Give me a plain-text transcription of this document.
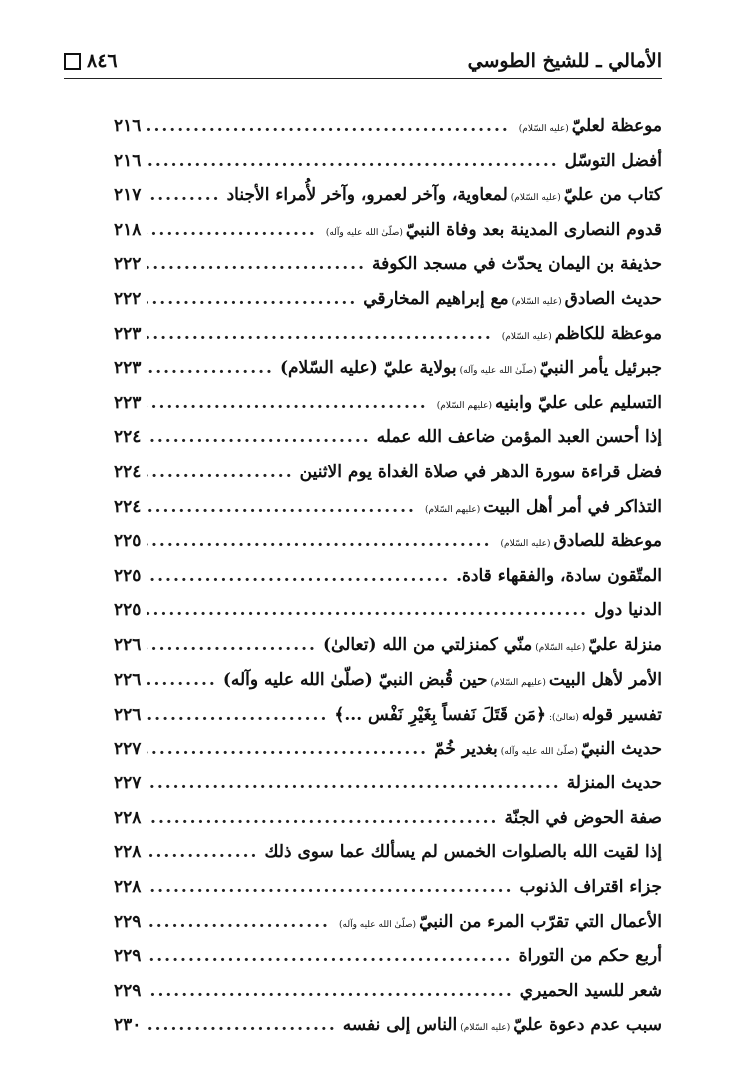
الأمالي ـ للشيخ الطوسي
٨٤٦
موعظة لعليّ(عليه السّلام)
.....
٢١٦
أفضل التوسّل
.....
٢١٦
كتاب من عليّ(عليه السّلام)لمعاوية، وآخر لعمرو، وآخر لأُمراء الأجناد
.....
٢١٧
قدوم النصارى المدينة بعد وفاة النبيّ(صلّىٰ الله عليه وآله)
.....
٢١٨
حذيفة بن اليمان يحدّث في مسجد الكوفة
.....
٢٢٢
حديث الصادق(عليه السّلام)مع إبراهيم المخارقي
.....
٢٢٢
موعظة للكاظم(عليه السّلام)
.....
٢٢٣
جبرئيل يأمر النبيّ(صلّىٰ الله عليه وآله)بولاية عليّ (عليه السّلام)
.....
٢٢٣
التسليم على عليّ وابنيه(عليهم السّلام)
.....
٢٢٣
إذا أحسن العبد المؤمن ضاعف الله عمله
.....
٢٢٤
فضل قراءة سورة الدهر في صلاة الغداة يوم الاثنين
.....
٢٢٤
التذاكر في أمر أهل البيت(عليهم السّلام)
.....
٢٢٤
موعظة للصادق(عليه السّلام)
.....
٢٢٥
المتّقون سادة، والفقهاء قادة.
.....
٢٢٥
الدنيا دول
.....
٢٢٥
منزلة عليّ(عليه السّلام)منّي كمنزلتي من الله (تعالىٰ)
.....
٢٢٦
الأمر لأهل البيت(عليهم السّلام)حين قُبض النبيّ (صلّىٰ الله عليه وآله)
.....
٢٢٦
تفسير قوله(تعالىٰ):﴿مَن قَتَلَ نَفساً بِغَيْرِ نَفْس ...﴾
.....
٢٢٦
حديث النبيّ(صلّىٰ الله عليه وآله)بغدير خُمّ
.....
٢٢٧
حديث المنزلة
.....
٢٢٧
صفة الحوض في الجنّة
.....
٢٢٨
إذا لقيت الله بالصلوات الخمس لم يسألك عما سوى ذلك
.....
٢٢٨
جزاء اقتراف الذنوب
.....
٢٢٨
الأعمال التي تقرّب المرء من النبيّ(صلّىٰ الله عليه وآله)
.....
٢٢٩
أربع حكم من التوراة
.....
٢٢٩
شعر للسيد الحميري
.....
٢٢٩
سبب عدم دعوة عليّ(عليه السّلام)الناس إلى نفسه
.....
٢٣٠
